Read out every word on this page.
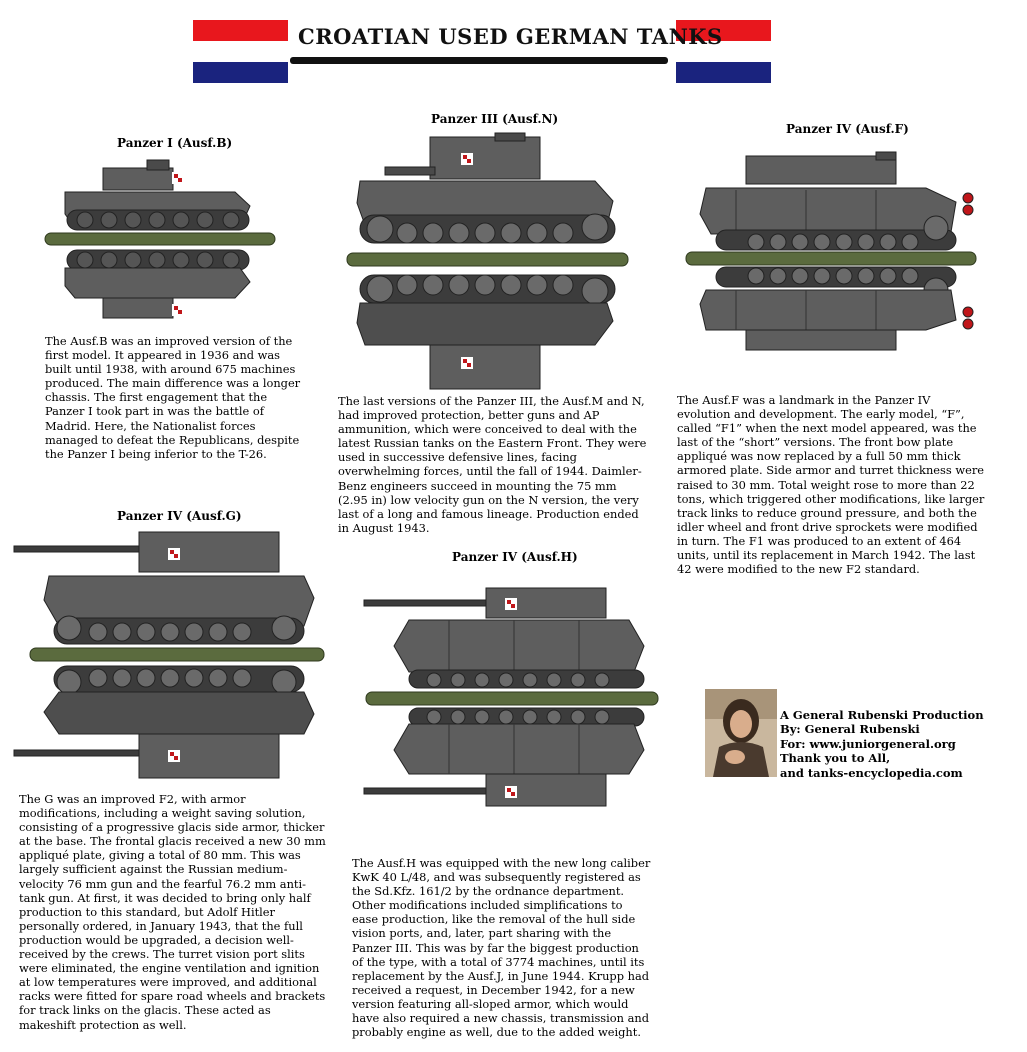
CROATIAN USED GERMAN TANKS
Panzer I (Ausf.B)
Panzer III (Ausf.N)
Panzer IV (Ausf.F)
Panzer IV (Ausf.G)
Panzer IV (Ausf.H)

The Ausf.B was an improved version of the first model. It appeared in 1936 and was built until 1938, with around 675 machines produced. The main difference was a longer chassis. The first engagement that the Panzer I took part in was the battle of Madrid. Here, the Nationalist forces managed to defeat the Republicans, despite the Panzer I being inferior to the T-26.

The last versions of the Panzer III, the Ausf.M and N, had improved protection, better guns and AP ammunition, which were conceived to deal with the latest Russian tanks on the Eastern Front. They were used in successive defensive lines, facing overwhelming forces, until the fall of 1944. Daimler-Benz engineers succeed in mounting the 75 mm (2.95 in) low velocity gun on the N version, the very last of a long and famous lineage. Production ended in August 1943.

The Ausf.F was a landmark in the Panzer IV evolution and development. The early model, “F”, called “F1” when the next model appeared, was the last of the “short” versions. The front bow plate appliqué was now replaced by a full 50 mm thick armored plate. Side armor and turret thickness were raised to 30 mm. Total weight rose to more than 22 tons, which triggered other modifications, like larger track links to reduce ground pressure, and both the idler wheel and front drive sprockets were modified in turn. The F1 was produced to an extent of 464 units, until its replacement in March 1942. The last 42 were modified to the new F2 standard.

The G was an improved F2, with armor modifications, including a weight saving solution, consisting of a progressive glacis side armor, thicker at the base. The frontal glacis received a new 30 mm appliqué plate, giving a total of 80 mm. This was largely sufficient against the Russian medium-velocity 76 mm gun and the fearful 76.2 mm anti-tank gun. At first, it was decided to bring only half production to this standard, but Adolf Hitler personally ordered, in January 1943, that the full production would be upgraded, a decision well-received by the crews. The turret vision port slits were eliminated, the engine ventilation and ignition at low temperatures were improved, and additional racks were fitted for spare road wheels and brackets for track links on the glacis. These acted as makeshift protection as well.

The Ausf.H was equipped with the new long caliber KwK 40 L/48, and was subsequently registered as the Sd.Kfz. 161/2 by the ordnance department. Other modifications included simplifications to ease production, like the removal of the hull side vision ports, and, later, part sharing with the Panzer III. This was by far the biggest production of the type, with a total of 3774 machines, until its replacement by the Ausf.J, in June 1944. Krupp had received a request, in December 1942, for a new version featuring all-sloped armor, which would have also required a new chassis, transmission and probably engine as well, due to the added weight.

A General Rubenski Production
By: General Rubenski
For: www.juniorgeneral.org
Thank you to All,
and tanks-encyclopedia.com
